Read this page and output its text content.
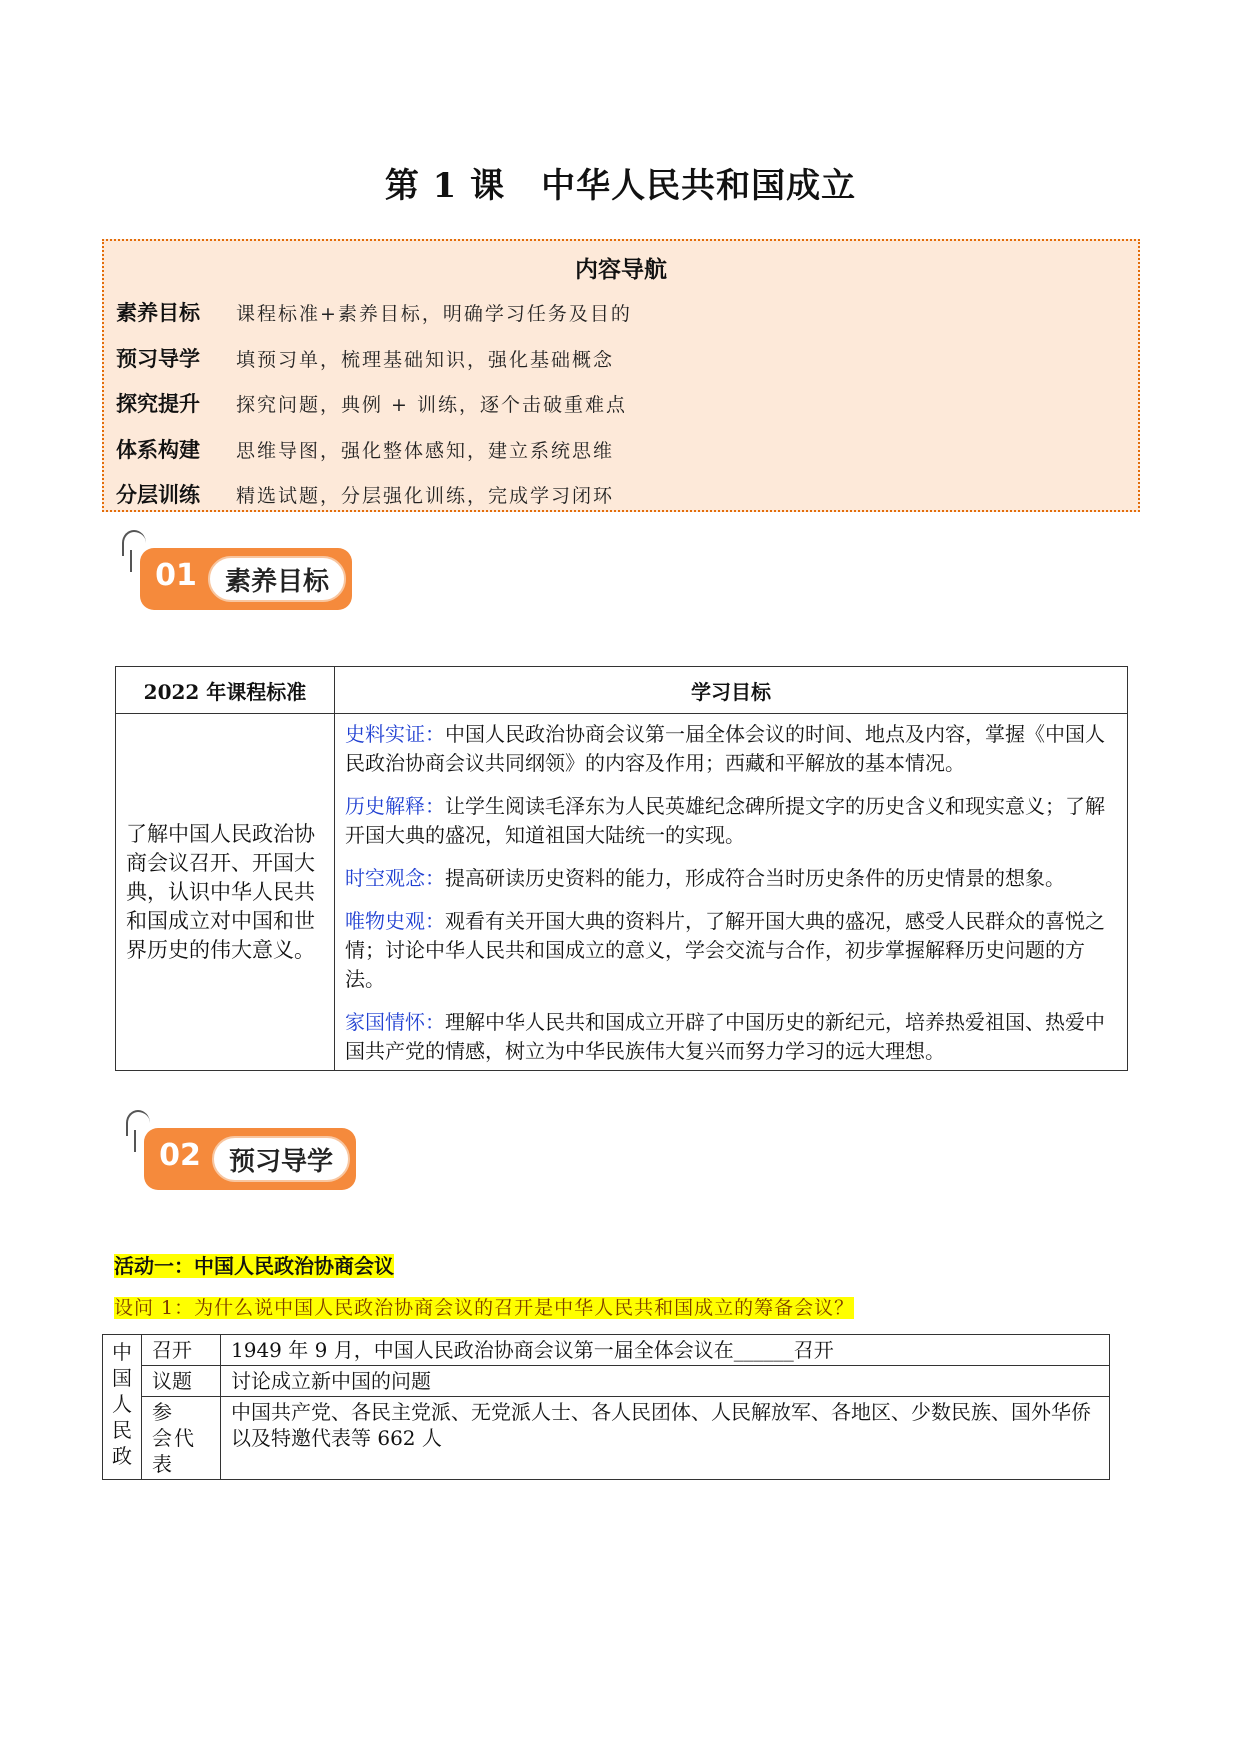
第 1 课 中华人民共和国成立
内容导航
素养目标	课程标准+素养目标，明确学习任务及目的
预习导学	填预习单，梳理基础知识，强化基础概念
探究提升	探究问题，典例 + 训练，逐个击破重难点
体系构建	思维导图，强化整体感知，建立系统思维
分层训练	精选试题，分层强化训练，完成学习闭环
01	素养目标
2022 年课程标准	学习目标
了解中国人民政治协商会议召开、开国大典，认识中华人民共和国成立对中国和世界历史的伟大意义。	史料实证：中国人民政治协商会议第一届全体会议的时间、地点及内容，掌握《中国人民政治协商会议共同纲领》的内容及作用；西藏和平解放的基本情况。

历史解释：让学生阅读毛泽东为人民英雄纪念碑所提文字的历史含义和现实意义；了解开国大典的盛况，知道祖国大陆统一的实现。

时空观念：提高研读历史资料的能力，形成符合当时历史条件的历史情景的想象。

唯物史观：观看有关开国大典的资料片，了解开国大典的盛况，感受人民群众的喜悦之情；讨论中华人民共和国成立的意义，学会交流与合作，初步掌握解释历史问题的方法。

家国情怀：理解中华人民共和国成立开辟了中国历史的新纪元，培养热爱祖国、热爱中国共产党的情感，树立为中华民族伟大复兴而努力学习的远大理想。

02	预习导学
活动一：中国人民政治协商会议
设问 1：为什么说中国人民政治协商会议的召开是中华人民共和国成立的筹备会议？
中国人民政	召开	1949 年 9 月，中国人民政治协商会议第一届全体会议在______召开
	议题	讨论成立新中国的问题
	参　会代表	中国共产党、各民主党派、无党派人士、各人民团体、人民解放军、各地区、少数民族、国外华侨以及特邀代表等 662 人
